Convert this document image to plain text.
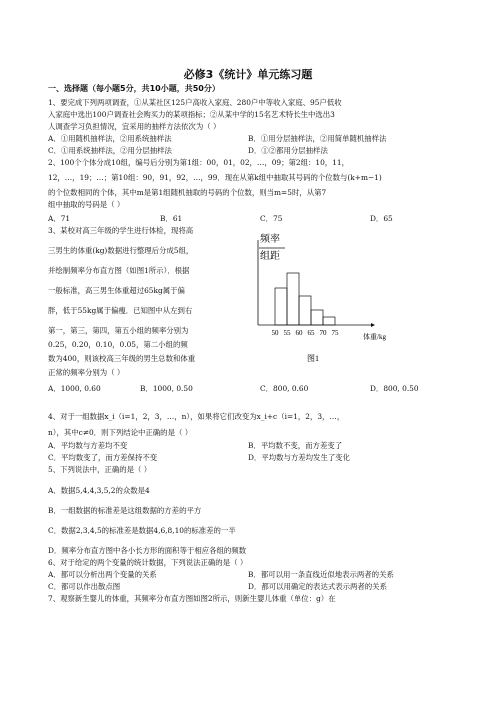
必修3《统计》单元练习题
一、选择题（每小题5分，共10小题，共50分）
1、要完成下列两项调查，①从某社区125户高收入家庭、280户中等收入家庭、95户低收
入家庭中选出100户调查社会购买力的某项指标；②从某中学的15名艺术特长生中选出3
人调查学习负担情况，宜采用的抽样方法依次为（ ）
A．①用随机抽样法，②用系统抽样法	B．①用分层抽样法，②用简单随机抽样法
C．①用系统抽样法，②用分层抽样法	D．①②都用分层抽样法
2、100个个体分成10组，编号后分别为第1组：00，01，02，…，09；第2组：10，11，
12，…，19；…；第10组：90，91，92，…，99．现在从第k组中抽取其号码的个位数与(k+m−1)
的个位数相同的个体，其中m是第1组随机抽取的号码的个位数，则当m=5时，从第7
组中抽取的号码是（ ）
A．71	B．61	C．75	D．65
3、某校对高三年级的学生进行体检，现将高
三男生的体重(kg)数据进行整理后分成5组，
并绘制频率分布直方图（如图1所示）．根据
一般标准，高三男生体重超过65kg属于偏
胖，低于55kg属于偏瘦．已知图中从左到右
第一，第三，第四，第五小组的频率分别为
0.25，0.20，0.10，0.05，第二小组的频
数为400，则该校高三年级的男生总数和体重
正常的频率分别为（ ）
频率
组距
50 55 60 65 70 75	体重/kg
图1
A．1000, 0.60	B．1000, 0.50	C．800, 0.60	D．800, 0.50
4、对于一组数据x_i（i=1，2，3，…，n），如果将它们改变为x_i+c（i=1，2，3，…，
n），其中c≠0．则下列结论中正确的是（ ）
A．平均数与方差均不变	B．平均数不变，而方差变了
C．平均数变了，而方差保持不变	D．平均数与方差均发生了变化
5、下列说法中，正确的是（ ）
A．数据5,4,4,3,5,2的众数是4
B．一组数据的标准差是这组数据的方差的平方
C．数据2,3,4,5的标准差是数据4,6,8,10的标准差的一半
D．频率分布直方图中各小长方形的面积等于相应各组的频数
6、对于给定的两个变量的统计数据，下列说法正确的是（ ）
A．都可以分析出两个变量的关系	B．都可以用一条直线近似地表示两者的关系
C．都可以作出散点图	D．都可以用确定的表达式表示两者的关系
7、观察新生婴儿的体重，其频率分布直方图如图2所示，则新生婴儿体重（单位：g）在
